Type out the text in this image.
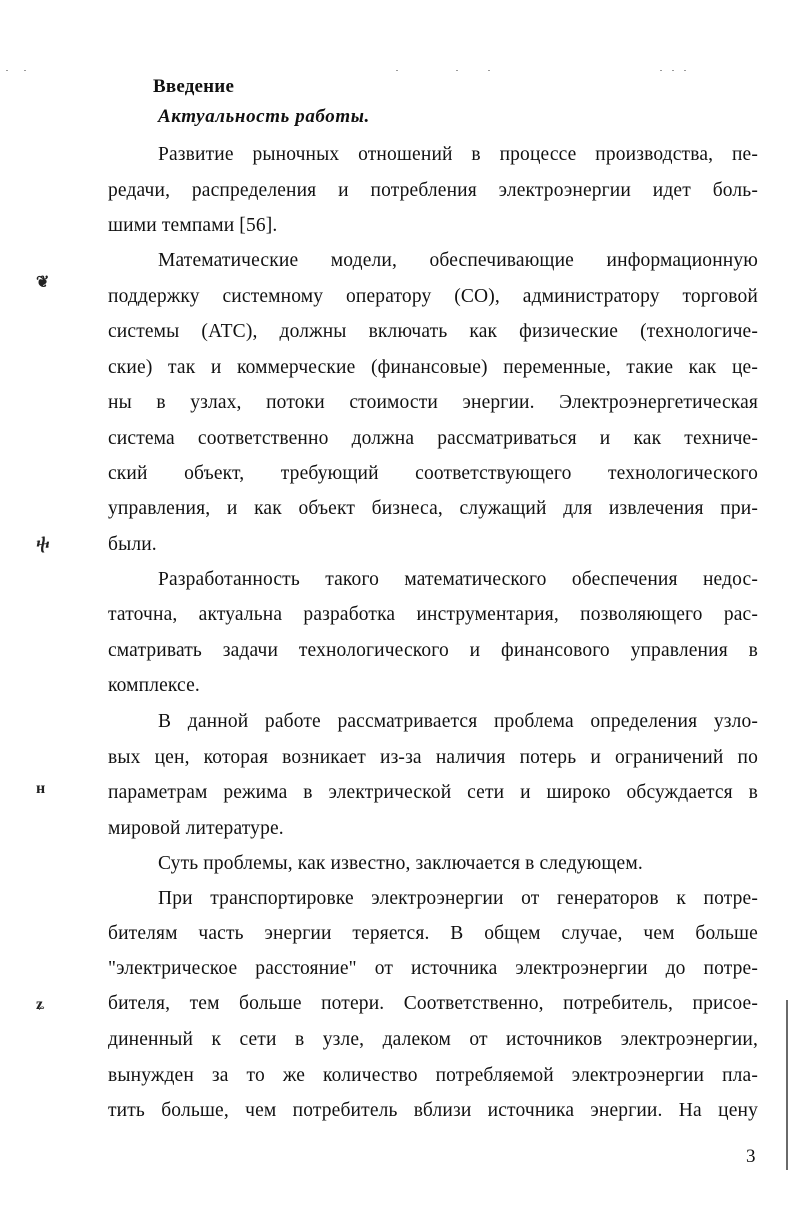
Введение
Актуальность работы.
Развитие рыночных отношений в процессе производства, пе-
редачи, распределения и потребления электроэнергии идет боль-
шими темпами [56].
Математические модели, обеспечивающие информационную
поддержку системному оператору (СО), администратору торговой
системы (АТС), должны включать как физические (технологиче-
ские) так и коммерческие (финансовые) переменные, такие как це-
ны в узлах, потоки стоимости энергии. Электроэнергетическая
система соответственно должна рассматриваться и как техниче-
ский объект, требующий соответствующего технологического
управления, и как объект бизнеса, служащий для извлечения при-
были.
Разработанность такого математического обеспечения недос-
таточна, актуальна разработка инструментария, позволяющего рас-
сматривать задачи технологического и финансового управления в
комплексе.
В данной работе рассматривается проблема определения узло-
вых цен, которая возникает из-за наличия потерь и ограничений по
параметрам режима в электрической сети и широко обсуждается в
мировой литературе.
Суть проблемы, как известно, заключается в следующем.
При транспортировке электроэнергии от генераторов к потре-
бителям часть энергии теряется. В общем случае, чем больше
"электрическое расстояние" от источника электроэнергии до потре-
бителя, тем больше потери. Соответственно, потребитель, присое-
диненный к сети в узле, далеком от источников электроэнергии,
вынужден за то же количество потребляемой электроэнергии пла-
тить больше, чем потребитель вблизи источника энергии. На цену
❦
ⴕ
ʜ
ʑ
3
